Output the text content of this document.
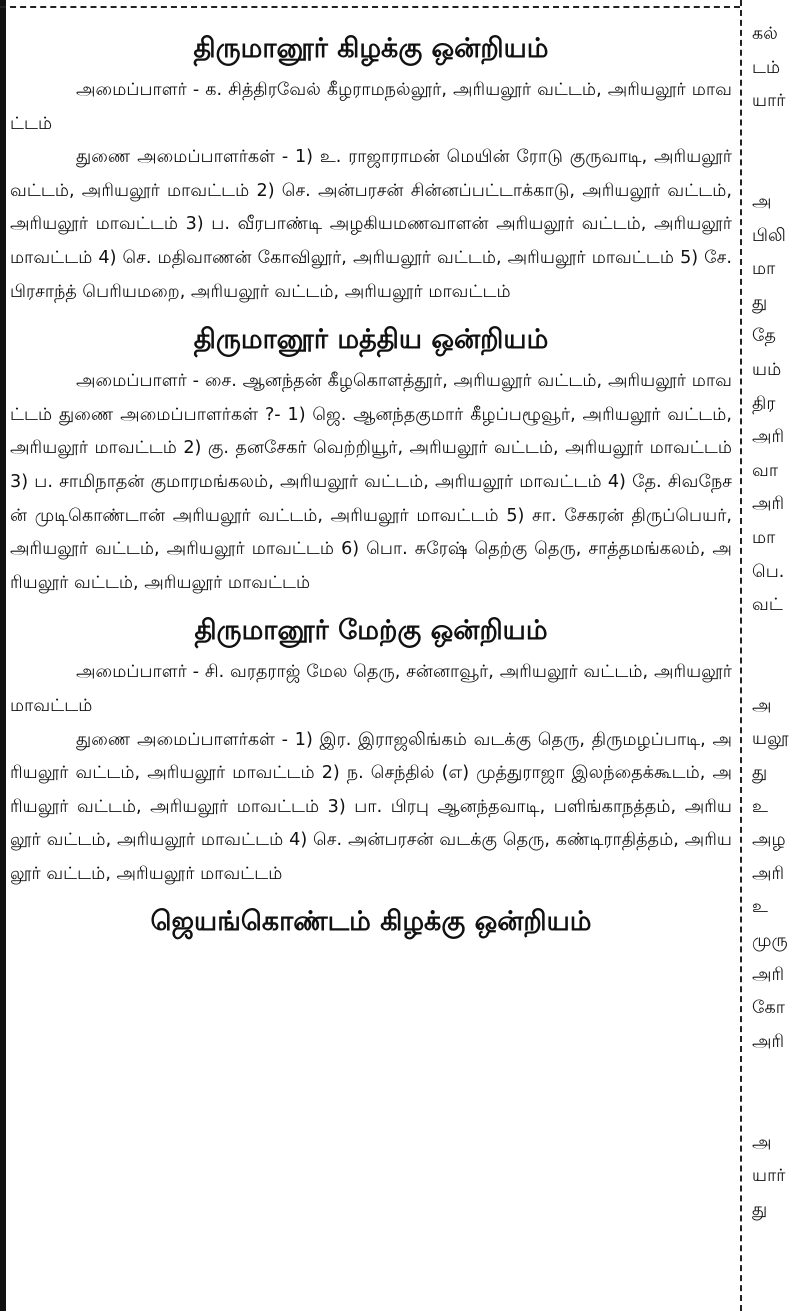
திருமானூர் கிழக்கு ஒன்றியம்

அமைப்பாளர் - க. சித்திரவேல் கீழராமநல்லூர், அரியலூர் வட்டம், அரியலூர் மாவட்டம்

துணை அமைப்பாளர்கள் - 1) உ. ராஜாராமன் மெயின் ரோடு குருவாடி, அரியலூர் வட்டம், அரியலூர் மாவட்டம் 2) செ. அன்பரசன் சின்னப்பட்டாக்காடு, அரியலூர் வட்டம், அரியலூர் மாவட்டம் 3) ப. வீரபாண்டி அழகியமணவாளன் அரியலூர் வட்டம், அரியலூர் மாவட்டம் 4) செ. மதிவாணன் கோவிலூர், அரியலூர் வட்டம், அரியலூர் மாவட்டம் 5) சே. பிரசாந்த் பெரியமறை, அரியலூர் வட்டம், அரியலூர் மாவட்டம்

திருமானூர் மத்திய ஒன்றியம்

அமைப்பாளர் - சை. ஆனந்தன் கீழகொளத்தூர், அரியலூர் வட்டம், அரியலூர் மாவட்டம் துணை அமைப்பாளர்கள் ?- 1) ஜெ. ஆனந்தகுமார் கீழப்பழூவூர், அரியலூர் வட்டம், அரியலூர் மாவட்டம் 2) கு. தனசேகர் வெற்றியூர், அரியலூர் வட்டம், அரியலூர் மாவட்டம் 3) ப. சாமிநாதன் குமாரமங்கலம், அரியலூர் வட்டம், அரியலூர் மாவட்டம் 4) தே. சிவநேசன் முடிகொண்டான் அரியலூர் வட்டம், அரியலூர் மாவட்டம் 5) சா. சேகரன் திருப்பெயர், அரியலூர் வட்டம், அரியலூர் மாவட்டம் 6) பொ. சுரேஷ் தெற்கு தெரு, சாத்தமங்கலம், அரியலூர் வட்டம், அரியலூர் மாவட்டம்

திருமானூர் மேற்கு ஒன்றியம்

அமைப்பாளர் - சி. வரதராஜ் மேல தெரு, சன்னாவூர், அரியலூர் வட்டம், அரியலூர் மாவட்டம்

துணை அமைப்பாளர்கள் - 1) இர. இராஜலிங்கம் வடக்கு தெரு, திருமழப்பாடி, அரியலூர் வட்டம், அரியலூர் மாவட்டம் 2) ந. செந்தில் (எ) முத்துராஜா இலந்தைக்கூடம், அரியலூர் வட்டம், அரியலூர் மாவட்டம் 3) பா. பிரபு ஆனந்தவாடி, பளிங்காநத்தம், அரியலூர் வட்டம், அரியலூர் மாவட்டம் 4) செ. அன்பரசன் வடக்கு தெரு, கண்டிராதித்தம், அரியலூர் வட்டம், அரியலூர் மாவட்டம்

ஜெயங்கொண்டம் கிழக்கு ஒன்றியம்
கல்
டம்
யார்
அ
பிலி
மா
து
தே
யம்
திர
அரி
வா
அரி
மா
பெ.
வட்
அ
யலூ
து
உ
அழ
அரி
உ
முரு
அரி
கோ
அரி
அ
யார்
து
